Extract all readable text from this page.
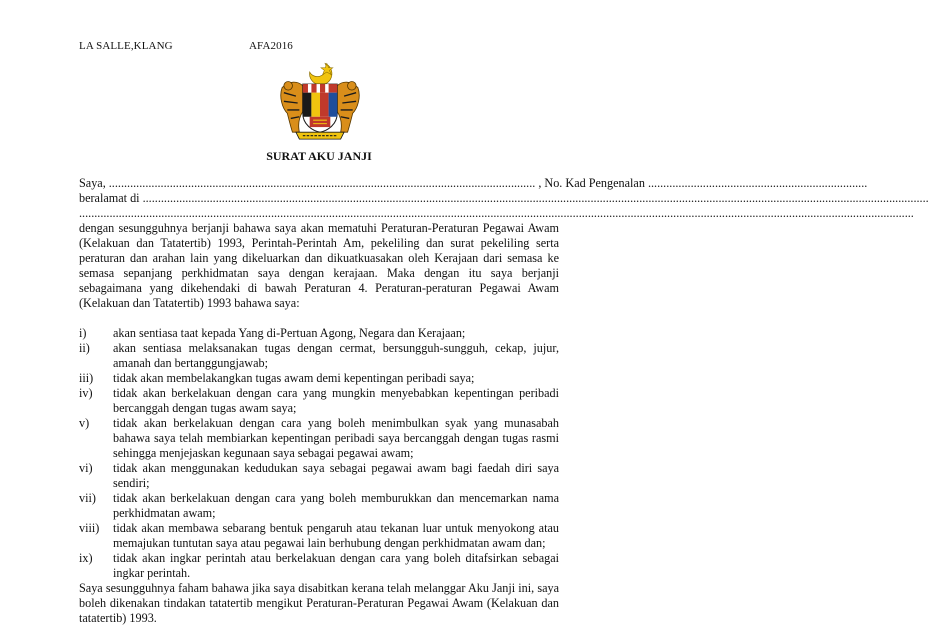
LA SALLE,KLANG	AFA2016
SURAT AKU JANJI
Saya, ............................................................................................................................................ , No. Kad Pengenalan ........................................................................
beralamat di ..................................................................................................................................................................................................................................................................
..................................................................................................................................................................................................................................................................................

dengan sesungguhnya berjanji bahawa saya akan mematuhi Peraturan-Peraturan Pegawai Awam (Kelakuan dan Tatatertib) 1993, Perintah-Perintah Am, pekeliling dan surat pekeliling serta peraturan dan arahan lain yang dikeluarkan dan dikuatkuasakan oleh Kerajaan dari semasa ke semasa sepanjang perkhidmatan saya dengan kerajaan. Maka dengan itu saya berjanji sebagaimana yang dikehendaki di bawah Peraturan 4. Peraturan-peraturan Pegawai Awam (Kelakuan dan Tatatertib) 1993 bahawa saya:

i)	akan sentiasa taat kepada Yang di-Pertuan Agong, Negara dan Kerajaan;
ii)	akan sentiasa melaksanakan tugas dengan cermat, bersungguh-sungguh, cekap, jujur, amanah dan bertanggungjawab;
iii)	tidak akan membelakangkan tugas awam demi kepentingan peribadi saya;
iv)	tidak akan berkelakuan dengan cara yang mungkin menyebabkan kepentingan peribadi bercanggah dengan tugas awam saya;
v)	tidak akan berkelakuan dengan cara yang boleh menimbulkan syak yang munasabah bahawa saya telah membiarkan kepentingan peribadi saya bercanggah dengan tugas rasmi sehingga menjejaskan kegunaan saya sebagai pegawai awam;
vi)	tidak akan menggunakan kedudukan saya sebagai pegawai awam bagi faedah diri saya sendiri;
vii)	tidak akan berkelakuan dengan cara yang boleh memburukkan dan mencemarkan nama perkhidmatan awam;
viii)	tidak akan membawa sebarang bentuk pengaruh atau tekanan luar untuk menyokong atau memajukan tuntutan saya atau pegawai lain berhubung dengan perkhidmatan awam dan;
ix)	tidak akan ingkar perintah atau berkelakuan dengan cara yang boleh ditafsirkan sebagai ingkar perintah.

Saya sesungguhnya faham bahawa jika saya disabitkan kerana telah melanggar Aku Janji ini, saya boleh dikenakan tindakan tatatertib mengikut Peraturan-Peraturan Pegawai Awam (Kelakuan dan tatatertib) 1993.
